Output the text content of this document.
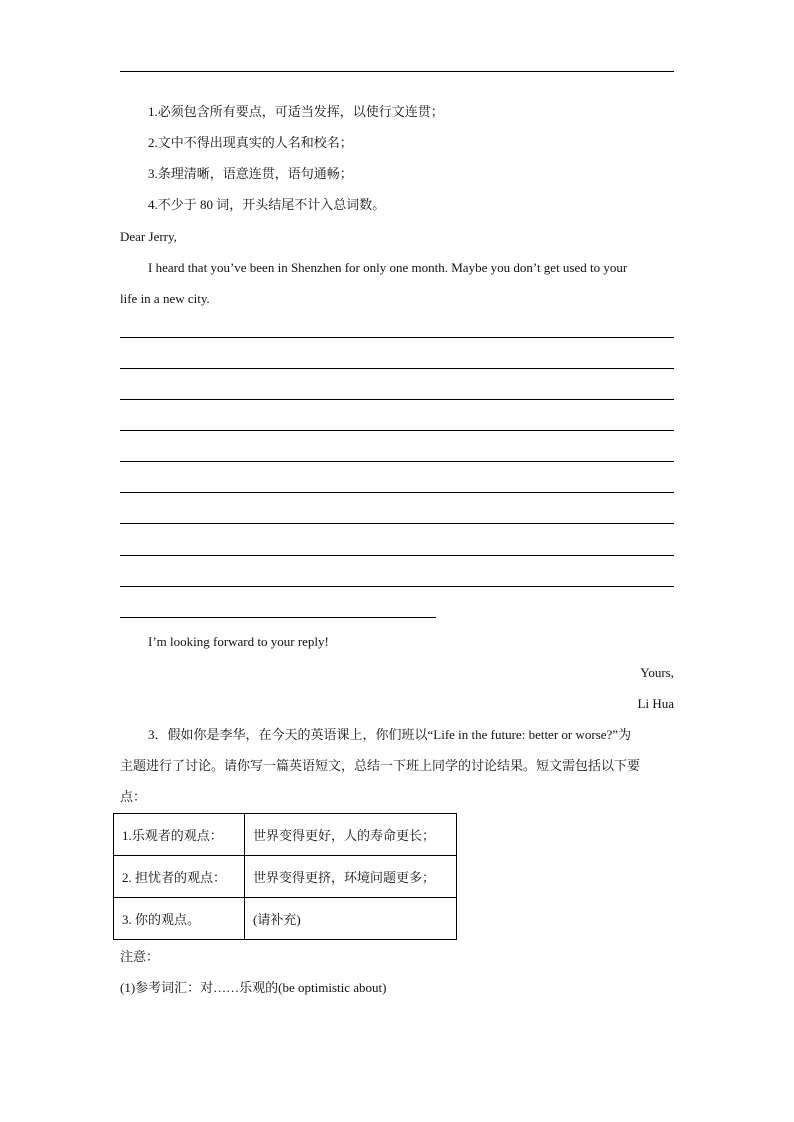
1.必须包含所有要点，可适当发挥，以使行文连贯；
2.文中不得出现真实的人名和校名；
3.条理清晰，语意连贯，语句通畅；
4.不少于 80 词，开头结尾不计入总词数。
Dear Jerry,
I heard that you’ve been in Shenzhen for only one month. Maybe you don’t get used to your
life in a new city.
I’m looking forward to your reply!
Yours,
Li Hua
3．假如你是李华，在今天的英语课上，你们班以“Life in the future: better or worse?”为
主题进行了讨论。请你写一篇英语短文，总结一下班上同学的讨论结果。短文需包括以下要
点：
1.乐观者的观点：	世界变得更好，人的寿命更长；
2. 担忧者的观点：	世界变得更挤，环境问题更多；
3. 你的观点。	(请补充)
注意：
(1)参考词汇：对……乐观的(be optimistic about)
